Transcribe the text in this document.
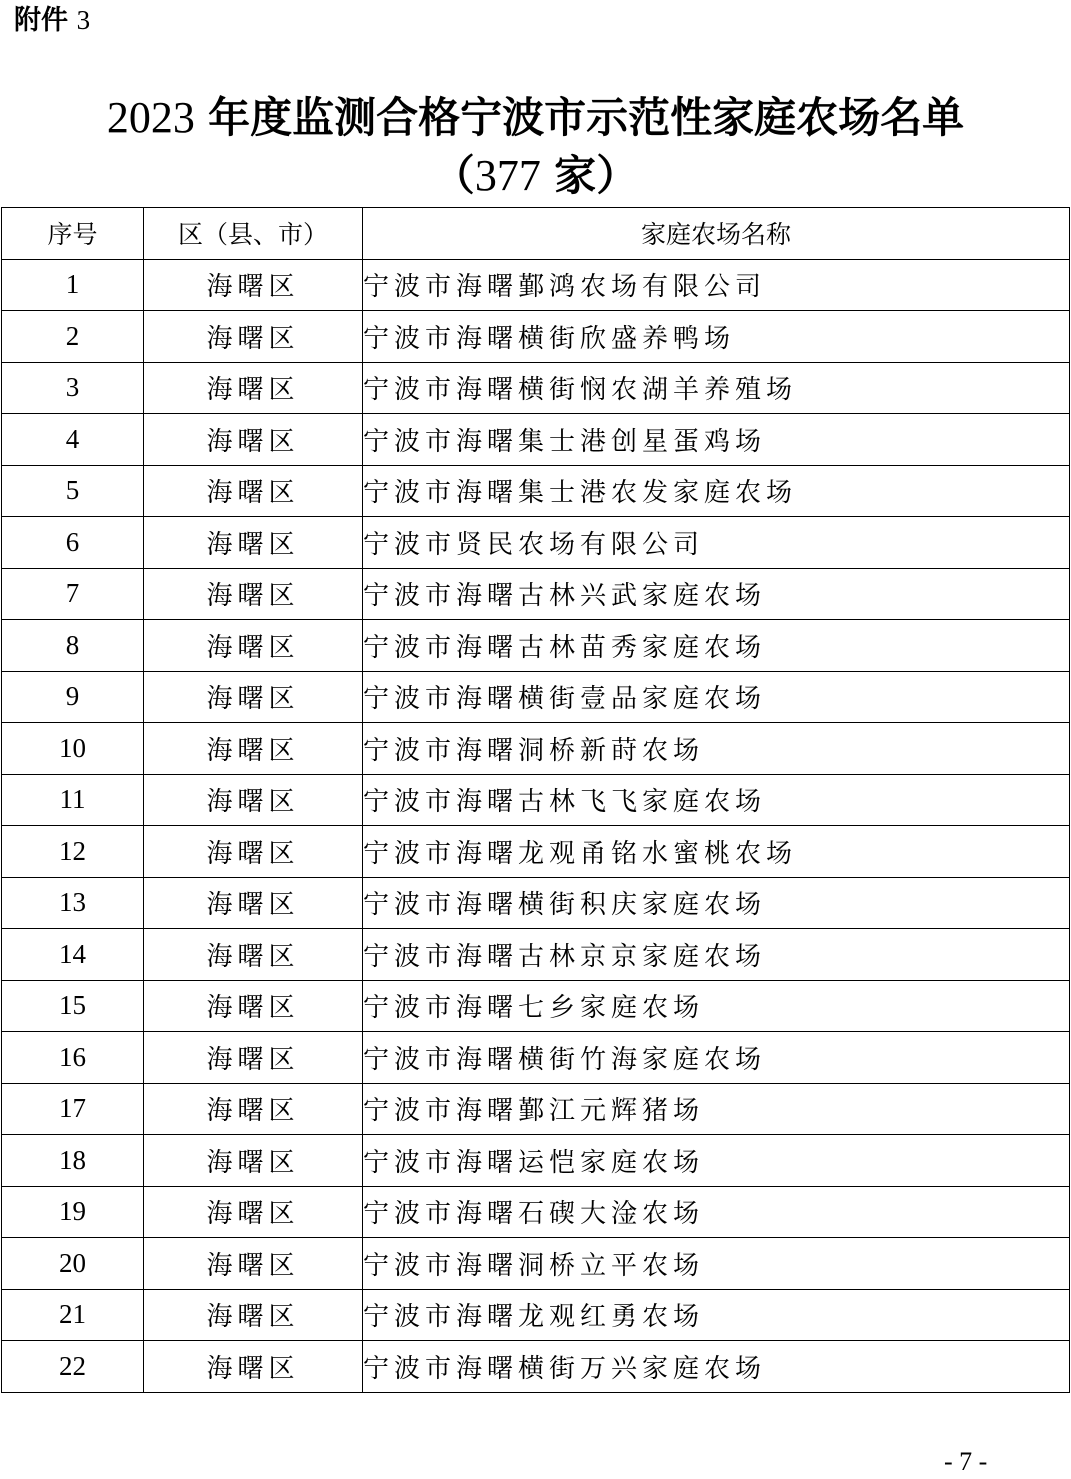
附件 3
2023 年度监测合格宁波市示范性家庭农场名单
（377 家）
序号	区（县、市）	家庭农场名称
1	海曙区	宁波市海曙鄞鸿农场有限公司
2	海曙区	宁波市海曙横街欣盛养鸭场
3	海曙区	宁波市海曙横街悯农湖羊养殖场
4	海曙区	宁波市海曙集士港创星蛋鸡场
5	海曙区	宁波市海曙集士港农发家庭农场
6	海曙区	宁波市贤民农场有限公司
7	海曙区	宁波市海曙古林兴武家庭农场
8	海曙区	宁波市海曙古林苗秀家庭农场
9	海曙区	宁波市海曙横街壹品家庭农场
10	海曙区	宁波市海曙洞桥新莳农场
11	海曙区	宁波市海曙古林飞飞家庭农场
12	海曙区	宁波市海曙龙观甬铭水蜜桃农场
13	海曙区	宁波市海曙横街积庆家庭农场
14	海曙区	宁波市海曙古林京京家庭农场
15	海曙区	宁波市海曙七乡家庭农场
16	海曙区	宁波市海曙横街竹海家庭农场
17	海曙区	宁波市海曙鄞江元辉猪场
18	海曙区	宁波市海曙运恺家庭农场
19	海曙区	宁波市海曙石碶大淦农场
20	海曙区	宁波市海曙洞桥立平农场
21	海曙区	宁波市海曙龙观红勇农场
22	海曙区	宁波市海曙横街万兴家庭农场
- 7 -
